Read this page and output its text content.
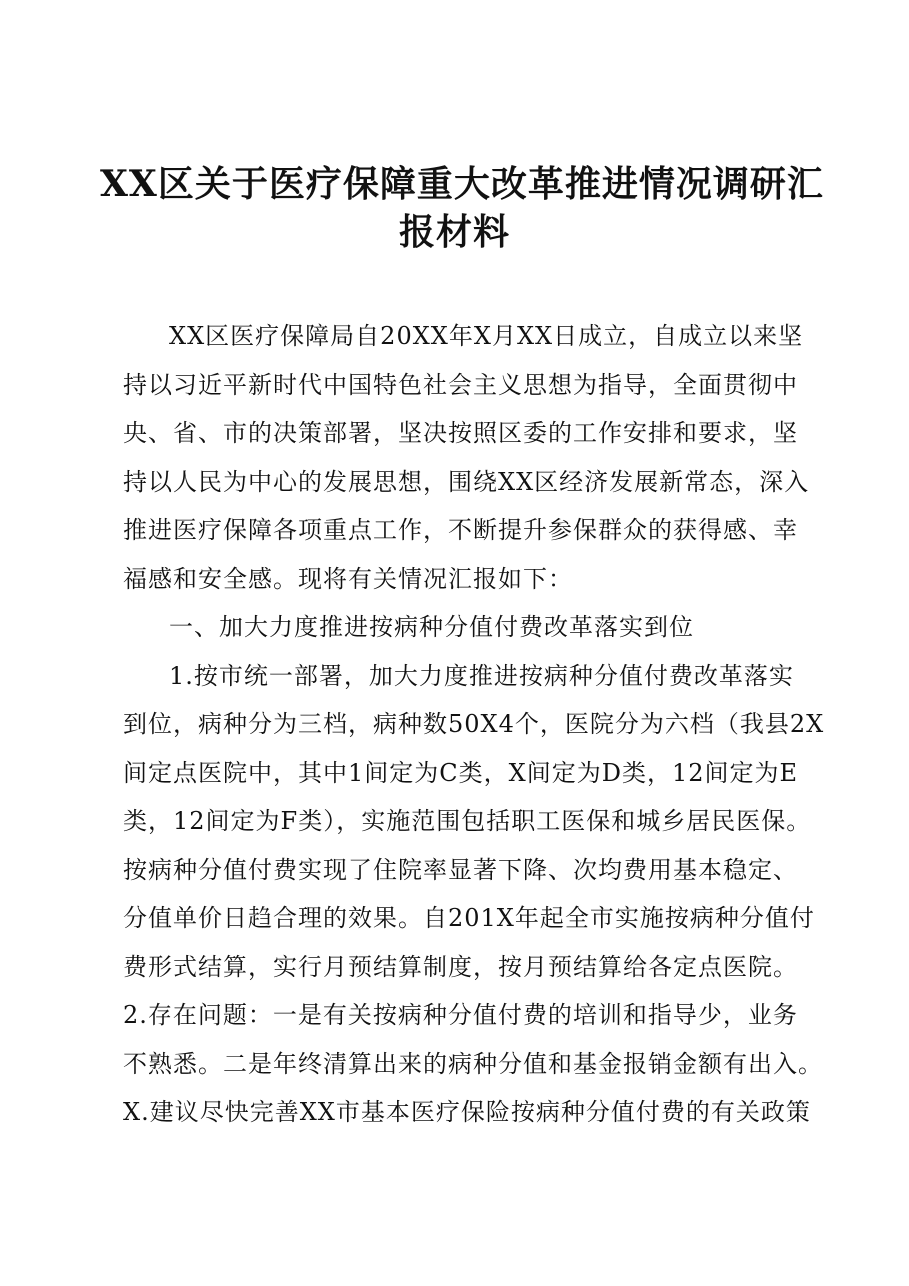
XX区关于医疗保障重大改革推进情况调研汇
报材料
XX区医疗保障局自20XX年X月XX日成立，自成立以来坚
持以习近平新时代中国特色社会主义思想为指导，全面贯彻中
央、省、市的决策部署，坚决按照区委的工作安排和要求，坚
持以人民为中心的发展思想，围绕XX区经济发展新常态，深入
推进医疗保障各项重点工作，不断提升参保群众的获得感、幸
福感和安全感。现将有关情况汇报如下：
一、加大力度推进按病种分值付费改革落实到位
1.按市统一部署，加大力度推进按病种分值付费改革落实
到位，病种分为三档，病种数50X4个，医院分为六档（我县2X
间定点医院中，其中1间定为C类，X间定为D类，12间定为E
类，12间定为F类），实施范围包括职工医保和城乡居民医保。
按病种分值付费实现了住院率显著下降、次均费用基本稳定、
分值单价日趋合理的效果。自201X年起全市实施按病种分值付
费形式结算，实行月预结算制度，按月预结算给各定点医院。
2.存在问题：一是有关按病种分值付费的培训和指导少，业务
不熟悉。二是年终清算出来的病种分值和基金报销金额有出入。
X.建议尽快完善XX市基本医疗保险按病种分值付费的有关政策
